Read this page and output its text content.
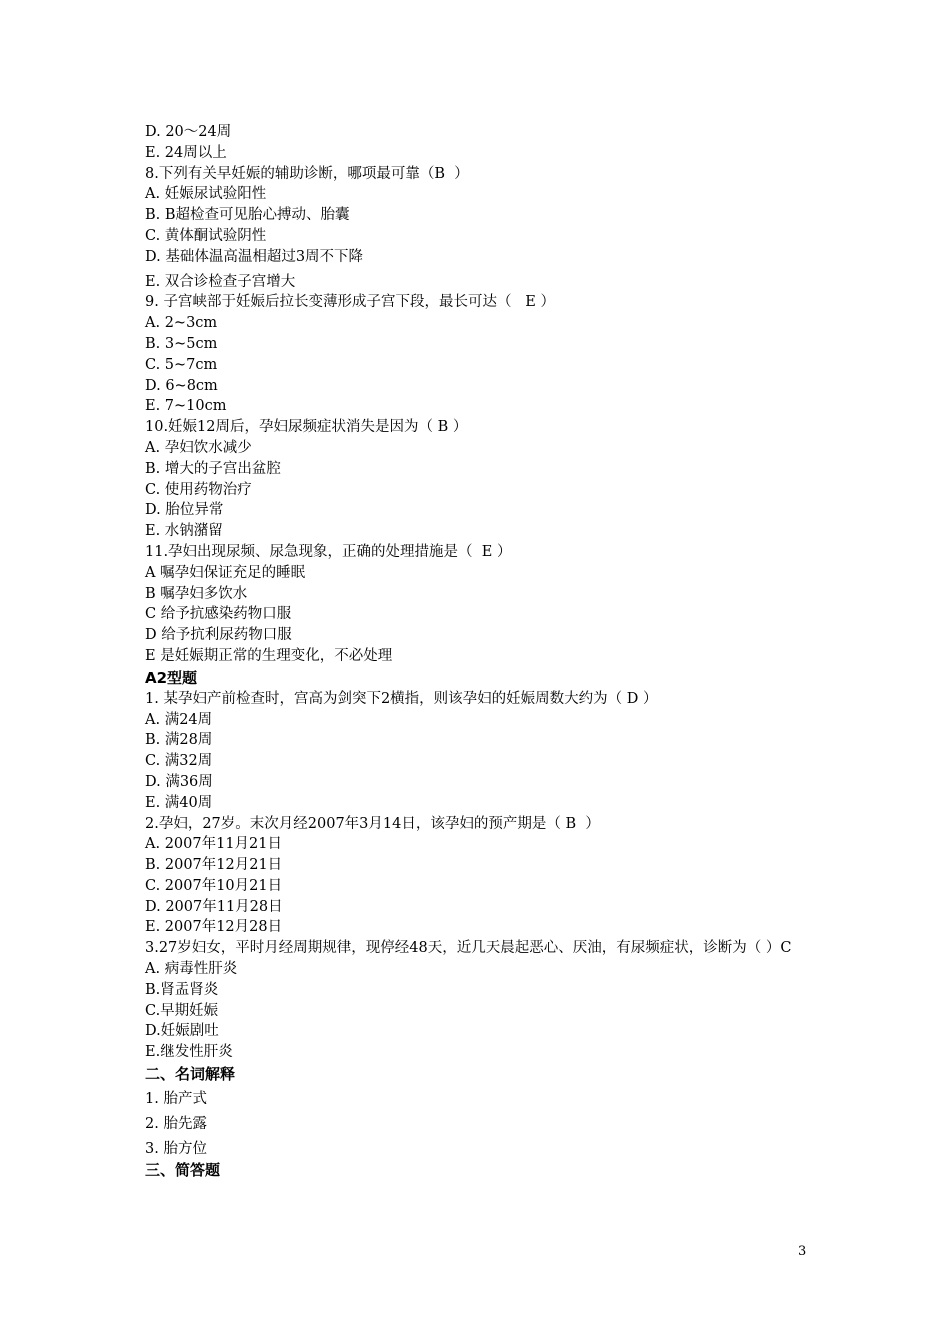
D. 20～24周
E. 24周以上
8.下列有关早妊娠的辅助诊断，哪项最可靠（B  ）
A. 妊娠尿试验阳性
B. B超检查可见胎心搏动、胎囊
C. 黄体酮试验阴性
D. 基础体温高温相超过3周不下降
E. 双合诊检查子宫增大
9. 子宫峡部于妊娠后拉长变薄形成子宫下段，最长可达（   E ）
A. 2~3cm
B. 3~5cm
C. 5~7cm
D. 6~8cm
E. 7~10cm
10.妊娠12周后，孕妇尿频症状消失是因为（ B ）
A. 孕妇饮水减少
B. 增大的子宫出盆腔
C. 使用药物治疗
D. 胎位异常
E. 水钠潴留
11.孕妇出现尿频、尿急现象，正确的处理措施是（  E ）
A 嘱孕妇保证充足的睡眠
B 嘱孕妇多饮水
C 给予抗感染药物口服
D 给予抗利尿药物口服
E 是妊娠期正常的生理变化，不必处理
A2型题
1. 某孕妇产前检查时，宫高为剑突下2横指，则该孕妇的妊娠周数大约为（ D ）
A. 满24周
B. 满28周
C. 满32周
D. 满36周
E. 满40周
2.孕妇，27岁。末次月经2007年3月14日，该孕妇的预产期是（ B  ）
A. 2007年11月21日
B. 2007年12月21日
C. 2007年10月21日
D. 2007年11月28日
E. 2007年12月28日
3.27岁妇女，平时月经周期规律，现停经48天，近几天晨起恶心、厌油，有尿频症状，诊断为（ ）C
A. 病毒性肝炎
B.肾盂肾炎
C.早期妊娠
D.妊娠剧吐
E.继发性肝炎
二、名词解释
1. 胎产式
2. 胎先露
3. 胎方位
三、简答题
3
